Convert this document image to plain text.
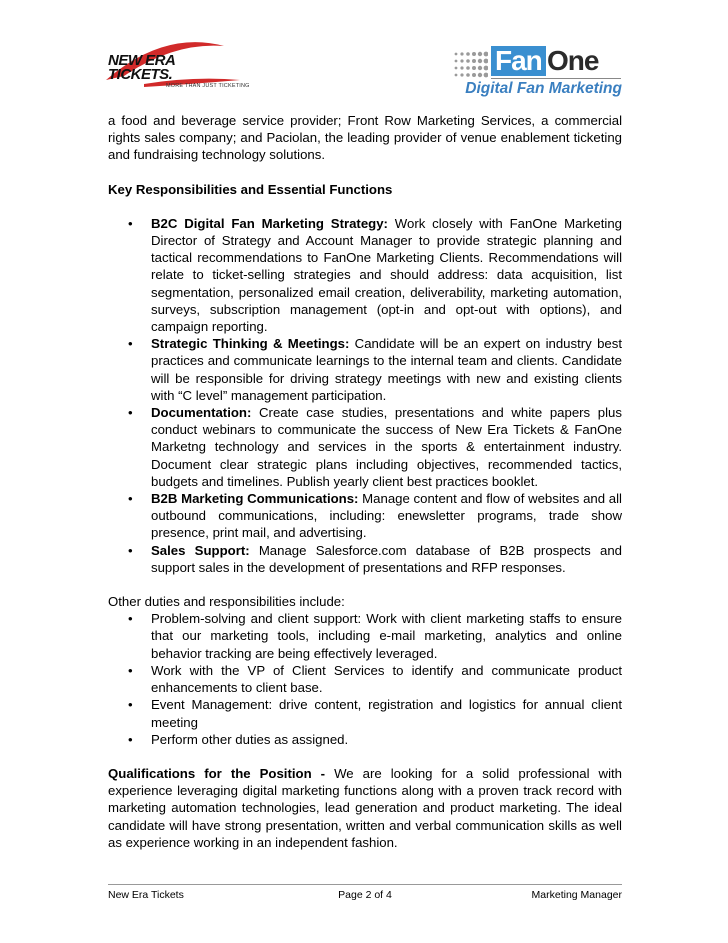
NEW ERA
TICKETS.
MORE THAN JUST TICKETING
Fan One
Digital Fan Marketing

a food and beverage service provider; Front Row Marketing Services, a commercial rights sales company; and Paciolan, the leading provider of venue enablement ticketing and fundraising technology solutions.

Key Responsibilities and Essential Functions

• B2C Digital Fan Marketing Strategy: Work closely with FanOne Marketing Director of Strategy and Account Manager to provide strategic planning and tactical recommendations to FanOne Marketing Clients. Recommendations will relate to ticket-selling strategies and should address: data acquisition, list segmentation, personalized email creation, deliverability, marketing automation, surveys, subscription management (opt-in and opt-out with options), and campaign reporting.
• Strategic Thinking & Meetings: Candidate will be an expert on industry best practices and communicate learnings to the internal team and clients. Candidate will be responsible for driving strategy meetings with new and existing clients with “C level” management participation.
• Documentation: Create case studies, presentations and white papers plus conduct webinars to communicate the success of New Era Tickets & FanOne Marketng technology and services in the sports & entertainment industry. Document clear strategic plans including objectives, recommended tactics, budgets and timelines. Publish yearly client best practices booklet.
• B2B Marketing Communications: Manage content and flow of websites and all outbound communications, including: enewsletter programs, trade show presence, print mail, and advertising.
• Sales Support: Manage Salesforce.com database of B2B prospects and support sales in the development of presentations and RFP responses.

Other duties and responsibilities include:

• Problem-solving and client support: Work with client marketing staffs to ensure that our marketing tools, including e-mail marketing, analytics and online behavior tracking are being effectively leveraged.
• Work with the VP of Client Services to identify and communicate product enhancements to client base.
• Event Management: drive content, registration and logistics for annual client meeting
• Perform other duties as assigned.

Qualifications for the Position - We are looking for a solid professional with experience leveraging digital marketing functions along with a proven track record with marketing automation technologies, lead generation and product marketing. The ideal candidate will have strong presentation, written and verbal communication skills as well as experience working in an independent fashion.

New Era Tickets	Page 2 of 4	Marketing Manager
